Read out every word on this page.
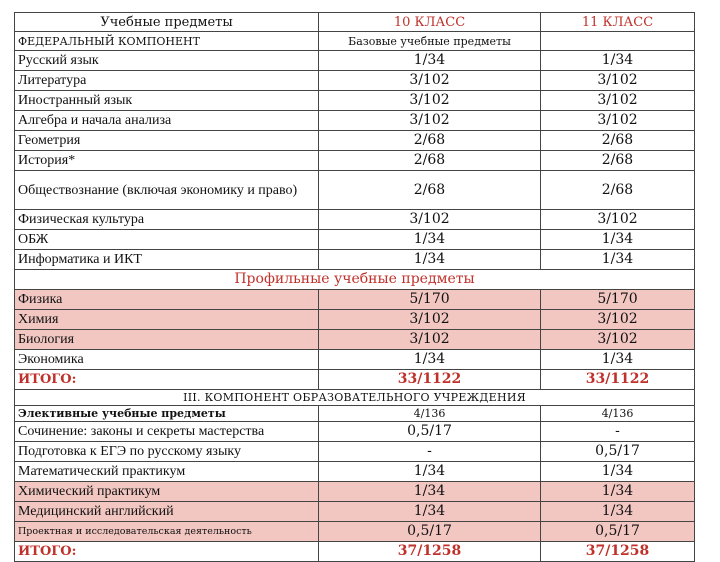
Учебные предметы	10 КЛАСС	11 КЛАСС
ФЕДЕРАЛЬНЫЙ КОМПОНЕНТ	Базовые учебные предметы	
Русский язык	1/34	1/34
Литература	3/102	3/102
Иностранный язык	3/102	3/102
Алгебра и начала анализа	3/102	3/102
Геометрия	2/68	2/68
История*	2/68	2/68
Обществознание (включая экономику и право)	2/68	2/68
Физическая культура	3/102	3/102
ОБЖ	1/34	1/34
Информатика и ИКТ	1/34	1/34
Профильные учебные предметы		
Физика	5/170	5/170
Химия	3/102	3/102
Биология	3/102	3/102
Экономика	1/34	1/34
ИТОГО:	33/1122	33/1122
III. КОМПОНЕНТ ОБРАЗОВАТЕЛЬНОГО УЧРЕЖДЕНИЯ		
Элективные учебные предметы	4/136	4/136
Сочинение: законы и секреты мастерства	0,5/17	-
Подготовка к ЕГЭ по русскому языку	-	0,5/17
Математический практикум	1/34	1/34
Химический практикум	1/34	1/34
Медицинский английский	1/34	1/34
Проектная и исследовательская деятельность	0,5/17	0,5/17
ИТОГО:	37/1258	37/1258
